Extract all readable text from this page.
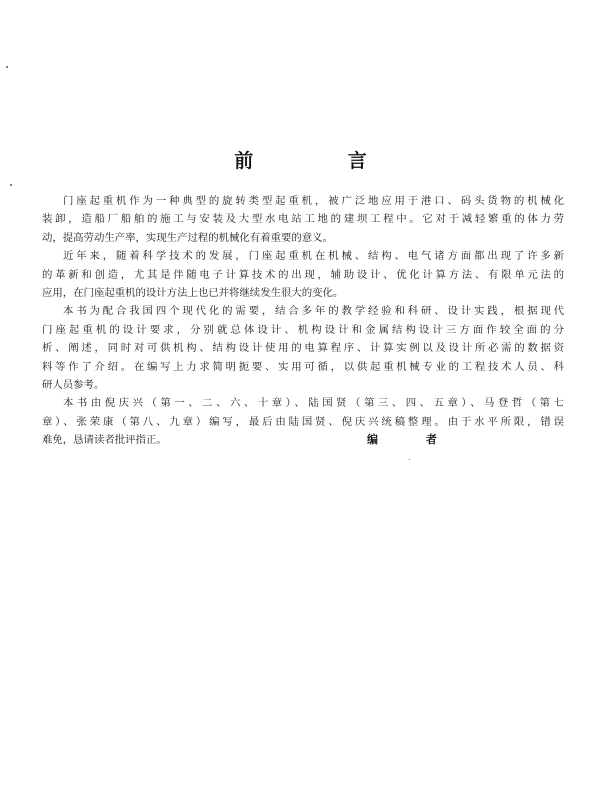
前 言

门座起重机作为一种典型的旋转类型起重机，被广泛地应用于港口、码头货物的机械化
装卸，造船厂船舶的施工与安装及大型水电站工地的建坝工程中。它对于减轻繁重的体力劳
动，提高劳动生产率，实现生产过程的机械化有着重要的意义。

近年来，随着科学技术的发展，门座起重机在机械、结构、电气诸方面都出现了许多新
的革新和创造，尤其是伴随电子计算技术的出现，辅助设计、优化计算方法、有限单元法的
应用，在门座起重机的设计方法上也已并将继续发生很大的变化。

本书为配合我国四个现代化的需要，结合多年的教学经验和科研、设计实践，根据现代
门座起重机的设计要求，分别就总体设计、机构设计和金属结构设计三方面作较全面的分
析、阐述，同时对可供机构、结构设计使用的电算程序、计算实例以及设计所必需的数据资
料等作了介绍。在编写上力求简明扼要、实用可循，以供起重机械专业的工程技术人员、科
研人员参考。

本书由倪庆兴（第一、二、六、十章）、陆国贤（第三、四、五章）、马登哲（第七
章）、张荣康（第八、九章）编写，最后由陆国贤、倪庆兴统稿整理。由于水平所限，错误
难免，恳请读者批评指正。	编 者
